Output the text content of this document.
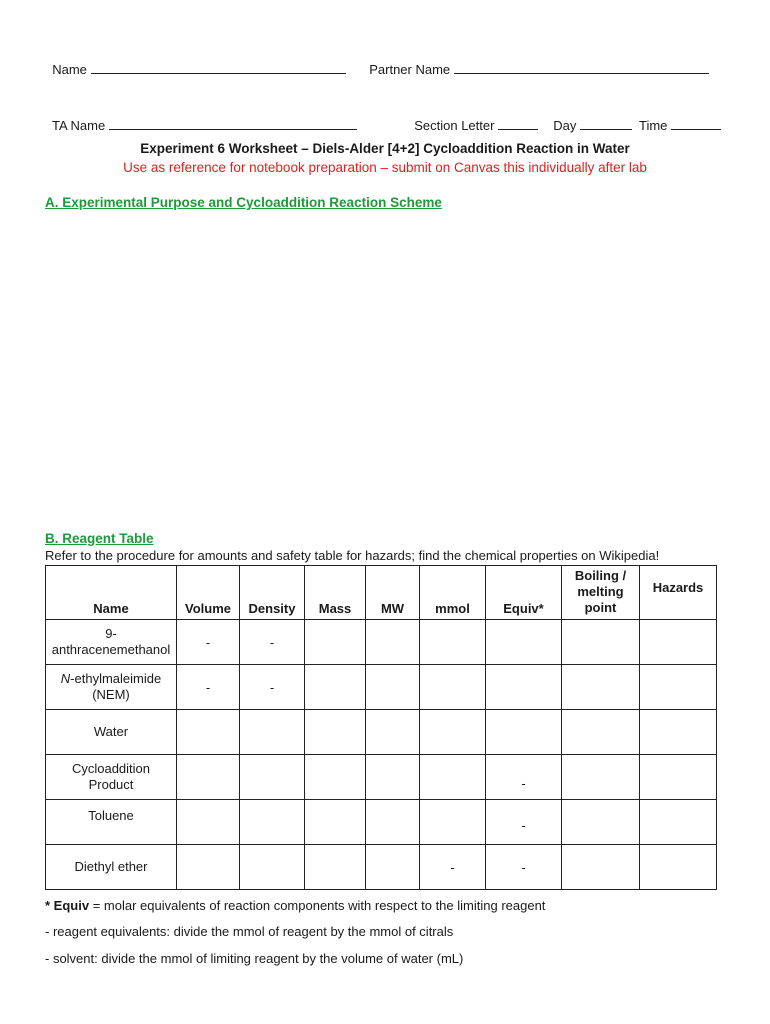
Name	Partner Name

TA Name	Section Letter	Day	Time

Experiment 6 Worksheet – Diels-Alder [4+2] Cycloaddition Reaction in Water
Use as reference for notebook preparation – submit on Canvas this individually after lab
A. Experimental Purpose and Cycloaddition Reaction Scheme
B. Reagent Table
Refer to the procedure for amounts and safety table for hazards; find the chemical properties on Wikipedia!
Name	Volume	Density	Mass	MW	mmol	Equiv*	Boiling / melting point	Hazards
9-
anthracenemethanol	-	-						
N-ethylmaleimide
(NEM)	-	-						
Water								
Cycloaddition
Product						-		
Toluene						-		
Diethyl ether					-	-		
* Equiv = molar equivalents of reaction components with respect to the limiting reagent
- reagent equivalents: divide the mmol of reagent by the mmol of citrals
- solvent: divide the mmol of limiting reagent by the volume of water (mL)
